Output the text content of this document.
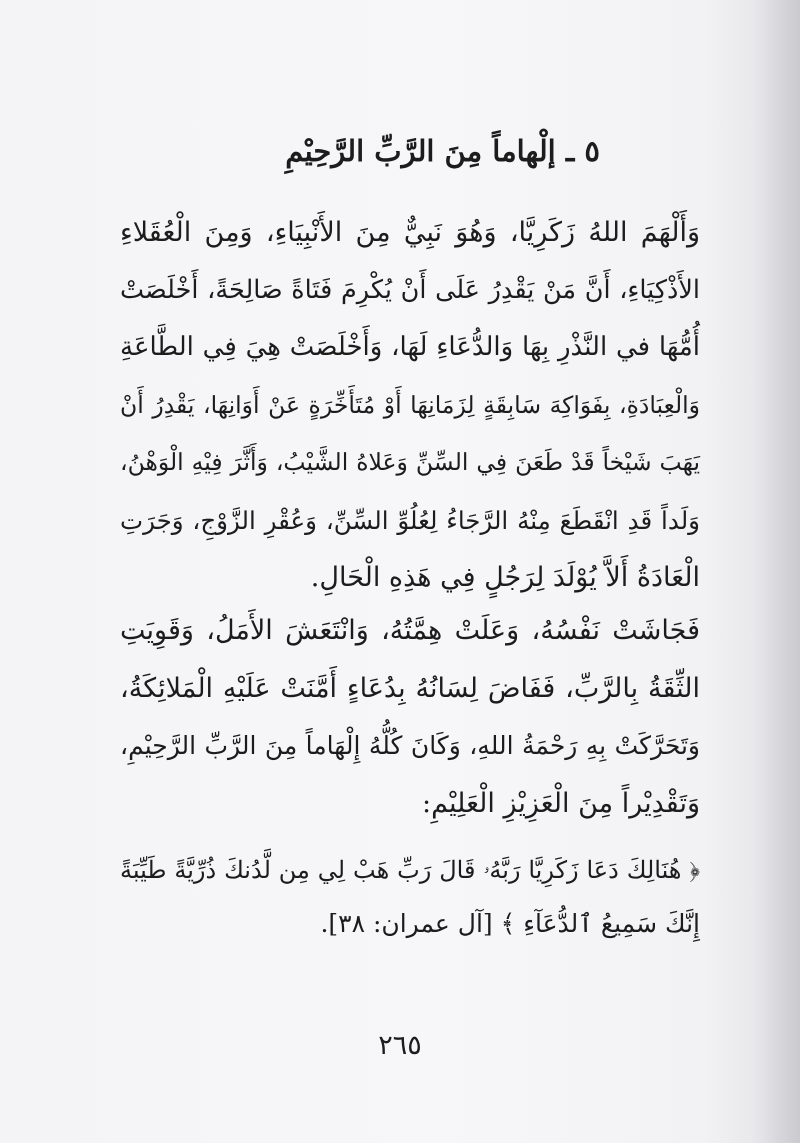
٥ ـ إلْهاماً مِنَ الرَّبِّ الرَّحِيْمِ
وَأَلْهَمَ اللهُ زَكَرِيَّا، وَهُوَ نَبِيٌّ مِنَ الأَنْبِيَاءِ، وَمِنَ الْعُقَلاءِ
الأَذْكِيَاءِ، أَنَّ مَنْ يَقْدِرُ عَلَى أَنْ يُكْرِمَ فَتَاةً صَالِحَةً، أَخْلَصَتْ
أُمُّهَا في النَّذْرِ بِهَا وَالدُّعَاءِ لَهَا، وَأَخْلَصَتْ هِيَ فِي الطَّاعَةِ
وَالْعِبَادَةِ، بِفَوَاكِهَ سَابِقَةٍ لِزَمَانِهَا أَوْ مُتَأَخِّرَةٍ عَنْ أَوَانِهَا، يَقْدِرُ أَنْ
يَهَبَ شَيْخاً قَدْ طَعَنَ فِي السِّنِّ وَعَلاهُ الشَّيْبُ، وَأَثَّرَ فِيْهِ الْوَهْنُ،
وَلَداً قَدِ انْقَطَعَ مِنْهُ الرَّجَاءُ لِعُلُوِّ السِّنِّ، وَعُقْرِ الزَّوْجِ، وَجَرَتِ
الْعَادَةُ أَلاَّ يُوْلَدَ لِرَجُلٍ فِي هَذِهِ الْحَالِ.
فَجَاشَتْ نَفْسُهُ، وَعَلَتْ هِمَّتُهُ، وَانْتَعَشَ الأَمَلُ، وَقَوِيَتِ
الثِّقَةُ بِالرَّبِّ، فَفَاضَ لِسَانُهُ بِدُعَاءٍ أَمَّنَتْ عَلَيْهِ الْمَلائِكَةُ،
وَتَحَرَّكَتْ بِهِ رَحْمَةُ اللهِ، وَكَانَ كُلُّهُ إِلْهَاماً مِنَ الرَّبِّ الرَّحِيْمِ،
وَتَقْدِيْراً مِنَ الْعَزِيْزِ الْعَلِيْمِ:
﴿ هُنَالِكَ دَعَا زَكَرِيَّا رَبَّهُۥ قَالَ رَبِّ هَبْ لِي مِن لَّدُنكَ ذُرِّيَّةً طَيِّبَةً
إِنَّكَ سَمِيعُ ٱلدُّعَآءِ ﴾ [آل عمران: ٣٨].
٢٦٥
